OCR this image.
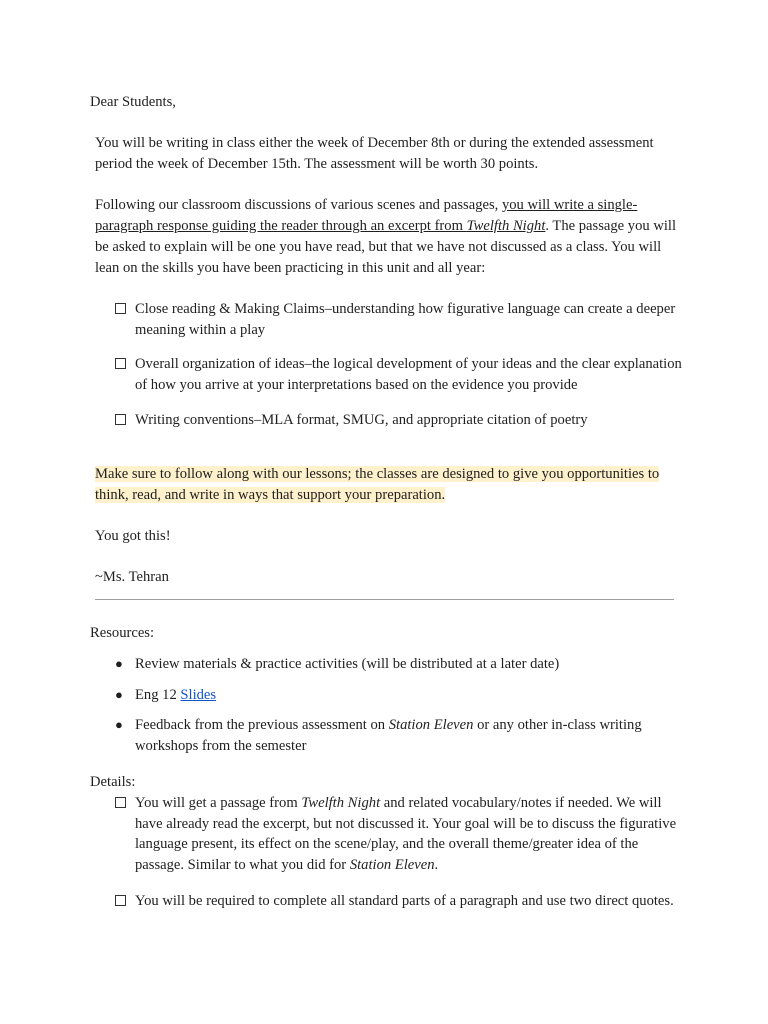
Dear Students,

You will be writing in class either the week of December 8th or during the extended assessment period the week of December 15th. The assessment will be worth 30 points.

Following our classroom discussions of various scenes and passages, you will write a single-paragraph response guiding the reader through an excerpt from Twelfth Night. The passage you will be asked to explain will be one you have read, but that we have not discussed as a class. You will lean on the skills you have been practicing in this unit and all year:

Close reading & Making Claims–understanding how figurative language can create a deeper meaning within a play
Overall organization of ideas–the logical development of your ideas and the clear explanation of how you arrive at your interpretations based on the evidence you provide
Writing conventions–MLA format, SMUG, and appropriate citation of poetry

Make sure to follow along with our lessons; the classes are designed to give you opportunities to think, read, and write in ways that support your preparation.

You got this!

~Ms. Tehran

Resources:

● Review materials & practice activities (will be distributed at a later date)
● Eng 12 Slides
● Feedback from the previous assessment on Station Eleven or any other in-class writing workshops from the semester

Details:

You will get a passage from Twelfth Night and related vocabulary/notes if needed. We will have already read the excerpt, but not discussed it. Your goal will be to discuss the figurative language present, its effect on the scene/play, and the overall theme/greater idea of the passage. Similar to what you did for Station Eleven.
You will be required to complete all standard parts of a paragraph and use two direct quotes.
